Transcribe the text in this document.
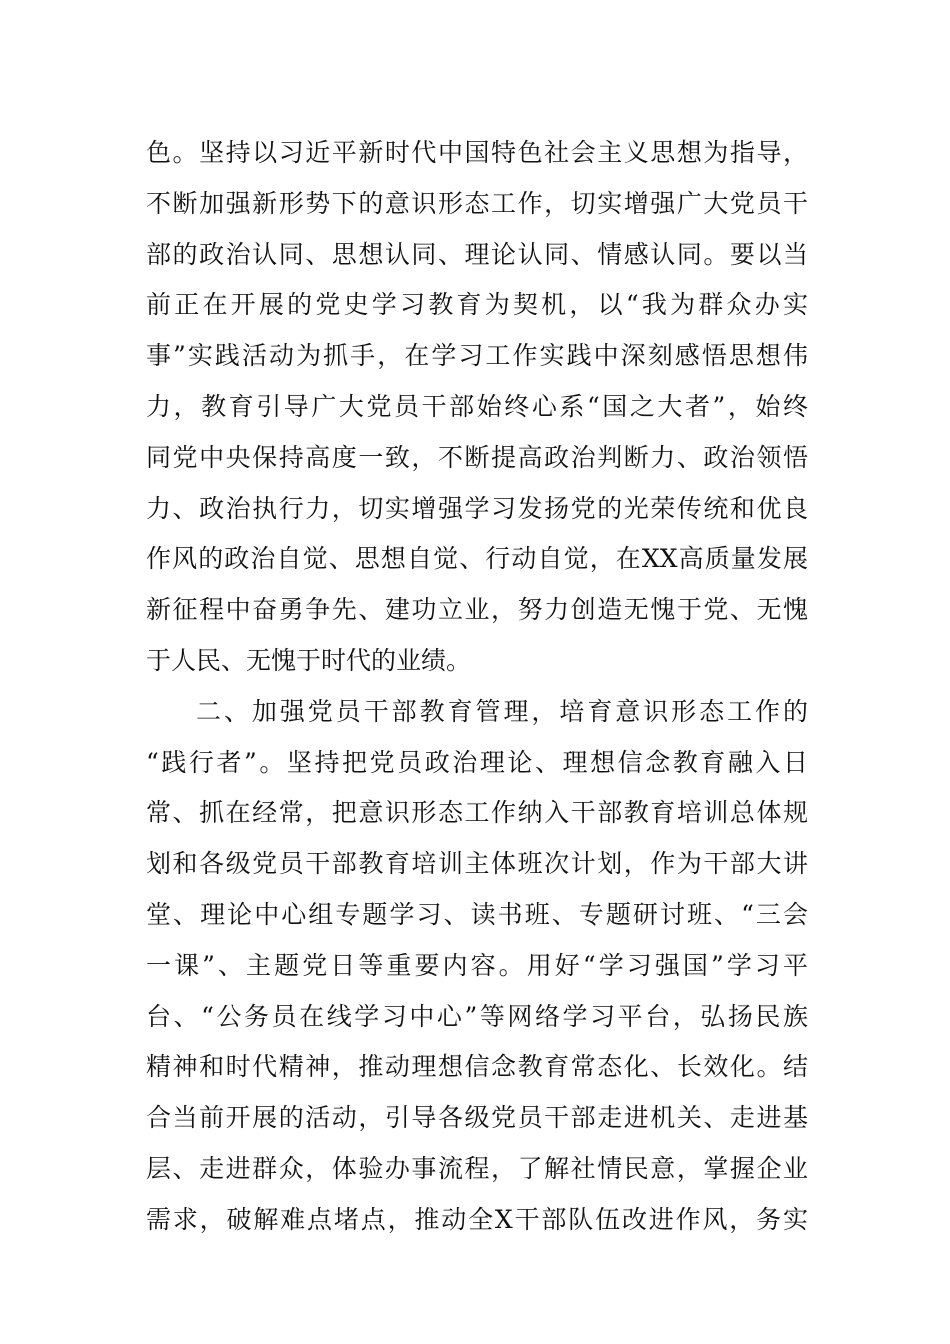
色。坚持以习近平新时代中国特色社会主义思想为指导，
不断加强新形势下的意识形态工作，切实增强广大党员干
部的政治认同、思想认同、理论认同、情感认同。要以当
前正在开展的党史学习教育为契机，以“我为群众办实
事”实践活动为抓手，在学习工作实践中深刻感悟思想伟
力，教育引导广大党员干部始终心系“国之大者”，始终
同党中央保持高度一致，不断提高政治判断力、政治领悟
力、政治执行力，切实增强学习发扬党的光荣传统和优良
作风的政治自觉、思想自觉、行动自觉，在XX高质量发展
新征程中奋勇争先、建功立业，努力创造无愧于党、无愧
于人民、无愧于时代的业绩。
二、加强党员干部教育管理，培育意识形态工作的
“践行者”。坚持把党员政治理论、理想信念教育融入日
常、抓在经常，把意识形态工作纳入干部教育培训总体规
划和各级党员干部教育培训主体班次计划，作为干部大讲
堂、理论中心组专题学习、读书班、专题研讨班、“三会
一课”、主题党日等重要内容。用好“学习强国”学习平
台、“公务员在线学习中心”等网络学习平台，弘扬民族
精神和时代精神，推动理想信念教育常态化、长效化。结
合当前开展的活动，引导各级党员干部走进机关、走进基
层、走进群众，体验办事流程，了解社情民意，掌握企业
需求，破解难点堵点，推动全X干部队伍改进作风，务实
